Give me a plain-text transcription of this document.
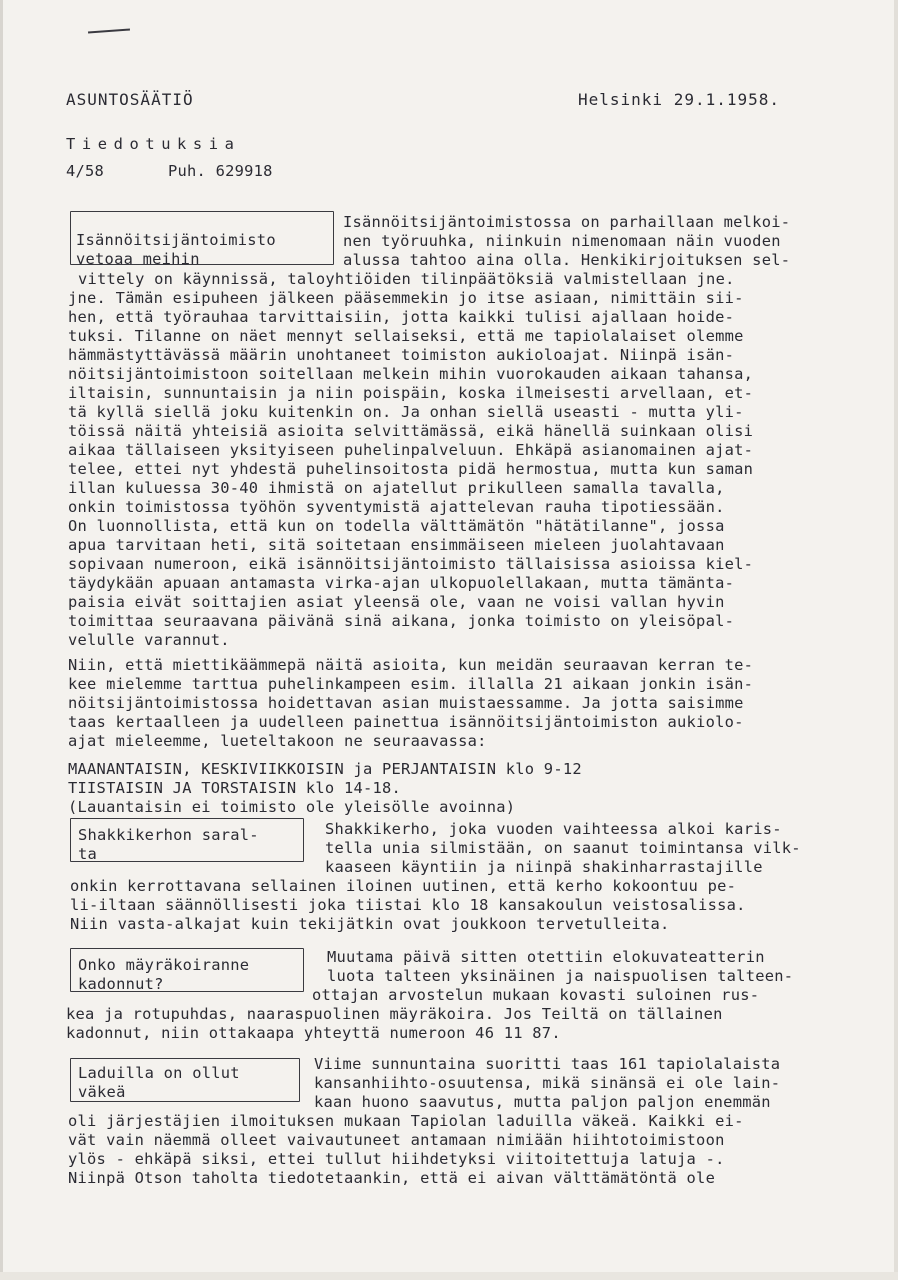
ASUNTOSÄÄTIÖ	Helsinki 29.1.1958.
Tiedotuksia
4/58	Puh. 629918
Isännöitsijäntoimisto
vetoaa meihin
Isännöitsijäntoimistossa on parhaillaan melkoi-
nen työruuhka, niinkuin nimenomaan näin vuoden
alussa tahtoo aina olla. Henkikirjoituksen sel-
vittely on käynnissä, taloyhtiöiden tilinpäätöksiä valmistellaan jne.
jne. Tämän esipuheen jälkeen pääsemmekin jo itse asiaan, nimittäin sii-
hen, että työrauhaa tarvittaisiin, jotta kaikki tulisi ajallaan hoide-
tuksi. Tilanne on näet mennyt sellaiseksi, että me tapiolalaiset olemme
hämmästyttävässä määrin unohtaneet toimiston aukioloajat. Niinpä isän-
nöitsijäntoimistoon soitellaan melkein mihin vuorokauden aikaan tahansa,
iltaisin, sunnuntaisin ja niin poispäin, koska ilmeisesti arvellaan, et-
tä kyllä siellä joku kuitenkin on. Ja onhan siellä useasti - mutta yli-
töissä näitä yhteisiä asioita selvittämässä, eikä hänellä suinkaan olisi
aikaa tällaiseen yksityiseen puhelinpalveluun. Ehkäpä asianomainen ajat-
telee, ettei nyt yhdestä puhelinsoitosta pidä hermostua, mutta kun saman
illan kuluessa 30-40 ihmistä on ajatellut prikulleen samalla tavalla,
onkin toimistossa työhön syventymistä ajattelevan rauha tipotiessään.
On luonnollista, että kun on todella välttämätön "hätätilanne", jossa
apua tarvitaan heti, sitä soitetaan ensimmäiseen mieleen juolahtavaan
sopivaan numeroon, eikä isännöitsijäntoimisto tällaisissa asioissa kiel-
täydykään apuaan antamasta virka-ajan ulkopuolellakaan, mutta tämänta-
paisia eivät soittajien asiat yleensä ole, vaan ne voisi vallan hyvin
toimittaa seuraavana päivänä sinä aikana, jonka toimisto on yleisöpal-
velulle varannut.
Niin, että miettikäämmepä näitä asioita, kun meidän seuraavan kerran te-
kee mielemme tarttua puhelinkampeen esim. illalla 21 aikaan jonkin isän-
nöitsijäntoimistossa hoidettavan asian muistaessamme. Ja jotta saisimme
taas kertaalleen ja uudelleen painettua isännöitsijäntoimiston aukiolo-
ajat mieleemme, lueteltakoon ne seuraavassa:
MAANANTAISIN, KESKIVIIKKOISIN ja PERJANTAISIN klo 9-12
TIISTAISIN JA TORSTAISIN klo 14-18.
(Lauantaisin ei toimisto ole yleisölle avoinna)
Shakkikerhon saral-
ta
Shakkikerho, joka vuoden vaihteessa alkoi karis-
tella unia silmistään, on saanut toimintansa vilk-
kaaseen käyntiin ja niinpä shakinharrastajille
onkin kerrottavana sellainen iloinen uutinen, että kerho kokoontuu pe-
li-iltaan säännöllisesti joka tiistai klo 18 kansakoulun veistosalissa.
Niin vasta-alkajat kuin tekijätkin ovat joukkoon tervetulleita.
Onko mäyräkoiranne
kadonnut?
Muutama päivä sitten otettiin elokuvateatterin
luota talteen yksinäinen ja naispuolisen talteen-
ottajan arvostelun mukaan kovasti suloinen rus-
kea ja rotupuhdas, naaraspuolinen mäyräkoira. Jos Teiltä on tällainen
kadonnut, niin ottakaapa yhteyttä numeroon 46 11 87.
Laduilla on ollut
väkeä
Viime sunnuntaina suoritti taas 161 tapiolalaista
kansanhiihto-osuutensa, mikä sinänsä ei ole lain-
kaan huono saavutus, mutta paljon paljon enemmän
oli järjestäjien ilmoituksen mukaan Tapiolan laduilla väkeä. Kaikki ei-
vät vain näemmä olleet vaivautuneet antamaan nimiään hiihtotoimistoon
ylös - ehkäpä siksi, ettei tullut hiihdetyksi viitoitettuja latuja -.
Niinpä Otson taholta tiedotetaankin, että ei aivan välttämätöntä ole
